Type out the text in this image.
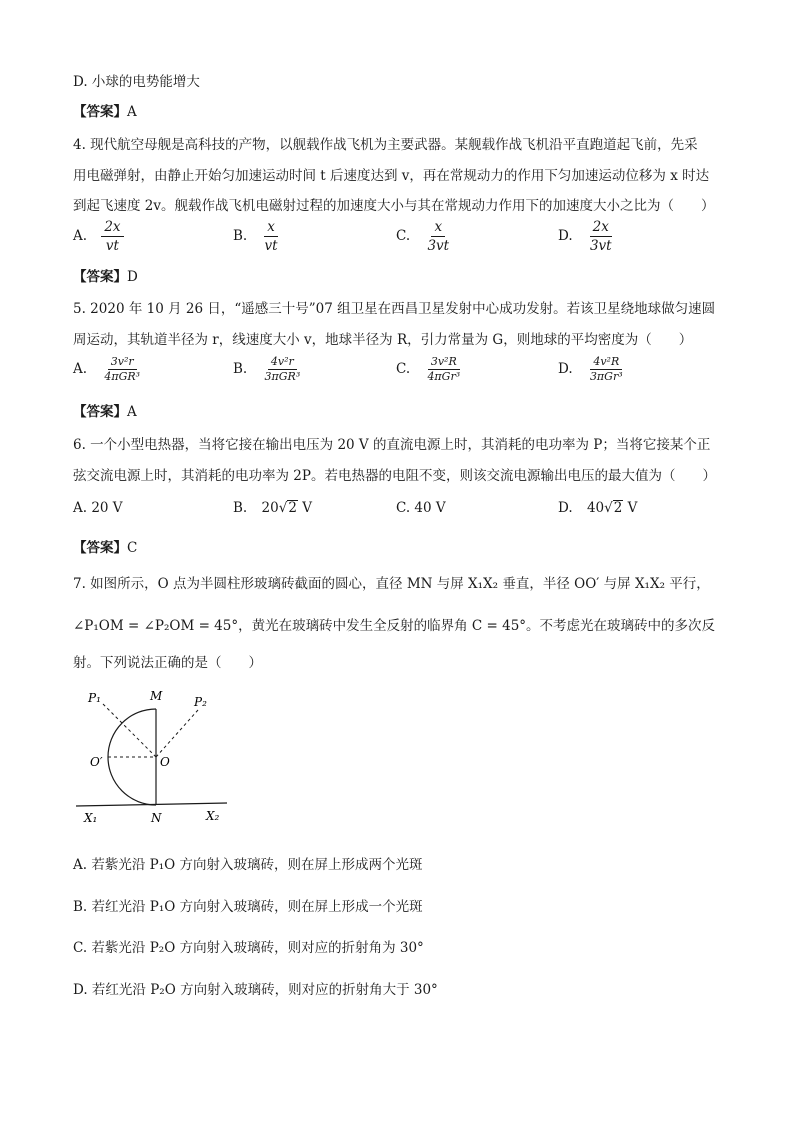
D. 小球的电势能增大
【答案】A
4. 现代航空母舰是高科技的产物，以舰载作战飞机为主要武器。某舰载作战飞机沿平直跑道起飞前，先采
用电磁弹射，由静止开始匀加速运动时间 t 后速度达到 v，再在常规动力的作用下匀加速运动位移为 x 时达
到起飞速度 2v。舰载作战飞机电磁射过程的加速度大小与其在常规动力作用下的加速度大小之比为（　　）
A. $\frac{2x}{vt}$	B. $\frac{x}{vt}$	C. $\frac{x}{3vt}$	D. $\frac{2x}{3vt}$
【答案】D
5. 2020 年 10 月 26 日，“遥感三十号”07 组卫星在西昌卫星发射中心成功发射。若该卫星绕地球做匀速圆
周运动，其轨道半径为 r，线速度大小 v，地球半径为 R，引力常量为 G，则地球的平均密度为（　　）
A. $\frac{\text{3v²r}}{\text{4πGR³}}$	B. $\frac{\text{4v²r}}{\text{3πGR³}}$	C. $\frac{\text{3v²R}}{\text{4πGr³}}$	D. $\frac{\text{4v²R}}{\text{3πGr³}}$
【答案】A
6. 一个小型电热器，当将它接在输出电压为 20 V 的直流电源上时，其消耗的电功率为 P；当将它接某个正
弦交流电源上时，其消耗的电功率为 2P。若电热器的电阻不变，则该交流电源输出电压的最大值为（　　）
A. 20 V	B. 20√2 V	C. 40 V	D. 40√2 V
【答案】C
7. 如图所示，O 点为半圆柱形玻璃砖截面的圆心，直径 MN 与屏 X₁X₂ 垂直，半径 OO′ 与屏 X₁X₂ 平行，
∠P₁OM = ∠P₂OM = 45°，黄光在玻璃砖中发生全反射的临界角 C = 45°。不考虑光在玻璃砖中的多次反
射。下列说法正确的是（　　）
P₁	M	P₂
O′	O
N
X₁	X₂
A. 若紫光沿 P₁O 方向射入玻璃砖，则在屏上形成两个光斑
B. 若红光沿 P₁O 方向射入玻璃砖，则在屏上形成一个光斑
C. 若紫光沿 P₂O 方向射入玻璃砖，则对应的折射角为 30°
D. 若红光沿 P₂O 方向射入玻璃砖，则对应的折射角大于 30°
